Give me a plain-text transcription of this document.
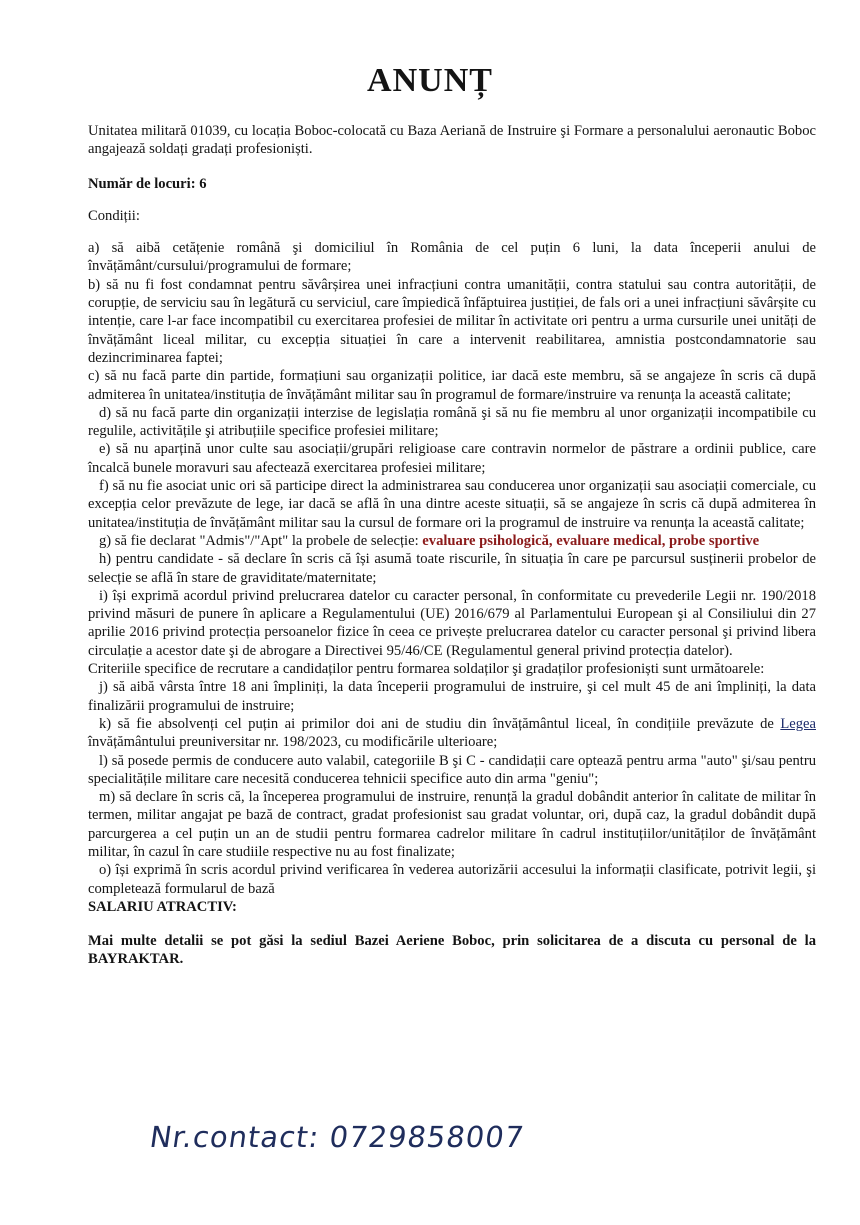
ANUNȚ

Unitatea militară 01039, cu locația Boboc-colocată cu Baza Aeriană de Instruire şi Formare a personalului aeronautic Boboc angajează soldați gradați profesioniști.

Număr de locuri: 6

Condiții:

a) să aibă cetățenie română şi domiciliul în România de cel puțin 6 luni, la data începerii anului de învățământ/cursului/programului de formare;

b) să nu fi fost condamnat pentru săvârșirea unei infracțiuni contra umanității, contra statului sau contra autorității, de corupție, de serviciu sau în legătură cu serviciul, care împiedică înfăptuirea justiției, de fals ori a unei infracțiuni săvârșite cu intenție, care l-ar face incompatibil cu exercitarea profesiei de militar în activitate ori pentru a urma cursurile unei unități de învățământ liceal militar, cu excepția situației în care a intervenit reabilitarea, amnistia postcondamnatorie sau dezincriminarea faptei;

c) să nu facă parte din partide, formațiuni sau organizații politice, iar dacă este membru, să se angajeze în scris că după admiterea în unitatea/instituția de învățământ militar sau în programul de formare/instruire va renunța la această calitate;

d) să nu facă parte din organizații interzise de legislația română şi să nu fie membru al unor organizații incompatibile cu regulile, activitățile şi atribuțiile specifice profesiei militare;

e) să nu aparțină unor culte sau asociații/grupări religioase care contravin normelor de păstrare a ordinii publice, care încalcă bunele moravuri sau afectează exercitarea profesiei militare;

f) să nu fie asociat unic ori să participe direct la administrarea sau conducerea unor organizații sau asociații comerciale, cu excepția celor prevăzute de lege, iar dacă se află în una dintre aceste situații, să se angajeze în scris că după admiterea în unitatea/instituția de învățământ militar sau la cursul de formare ori la programul de instruire va renunța la această calitate;

g) să fie declarat "Admis"/"Apt" la probele de selecție: evaluare psihologică, evaluare medical, probe sportive

h) pentru candidate - să declare în scris că își asumă toate riscurile, în situația în care pe parcursul susținerii probelor de selecție se află în stare de graviditate/maternitate;

i) își exprimă acordul privind prelucrarea datelor cu caracter personal, în conformitate cu prevederile Legii nr. 190/2018 privind măsuri de punere în aplicare a Regulamentului (UE) 2016/679 al Parlamentului European şi al Consiliului din 27 aprilie 2016 privind protecția persoanelor fizice în ceea ce privește prelucrarea datelor cu caracter personal şi privind libera circulație a acestor date şi de abrogare a Directivei 95/46/CE (Regulamentul general privind protecția datelor).

Criteriile specifice de recrutare a candidaților pentru formarea soldaților şi gradaților profesioniști sunt următoarele:

j) să aibă vârsta între 18 ani împliniți, la data începerii programului de instruire, şi cel mult 45 de ani împliniți, la data finalizării programului de instruire;

k) să fie absolvenți cel puțin ai primilor doi ani de studiu din învățământul liceal, în condițiile prevăzute de Legea învățământului preuniversitar nr. 198/2023, cu modificările ulterioare;

l) să posede permis de conducere auto valabil, categoriile B şi C - candidații care optează pentru arma "auto" şi/sau pentru specialitățile militare care necesită conducerea tehnicii specifice auto din arma "geniu";

m) să declare în scris că, la începerea programului de instruire, renunță la gradul dobândit anterior în calitate de militar în termen, militar angajat pe bază de contract, gradat profesionist sau gradat voluntar, ori, după caz, la gradul dobândit după parcurgerea a cel puțin un an de studii pentru formarea cadrelor militare în cadrul instituțiilor/unităților de învățământ militar, în cazul în care studiile respective nu au fost finalizate;

o) își exprimă în scris acordul privind verificarea în vederea autorizării accesului la informații clasificate, potrivit legii, şi completează formularul de bază

SALARIU ATRACTIV:

Mai multe detalii se pot găsi la sediul Bazei Aeriene Boboc, prin solicitarea de a discuta cu personal de la BAYRAKTAR.

Nr.contact: 0729858007
